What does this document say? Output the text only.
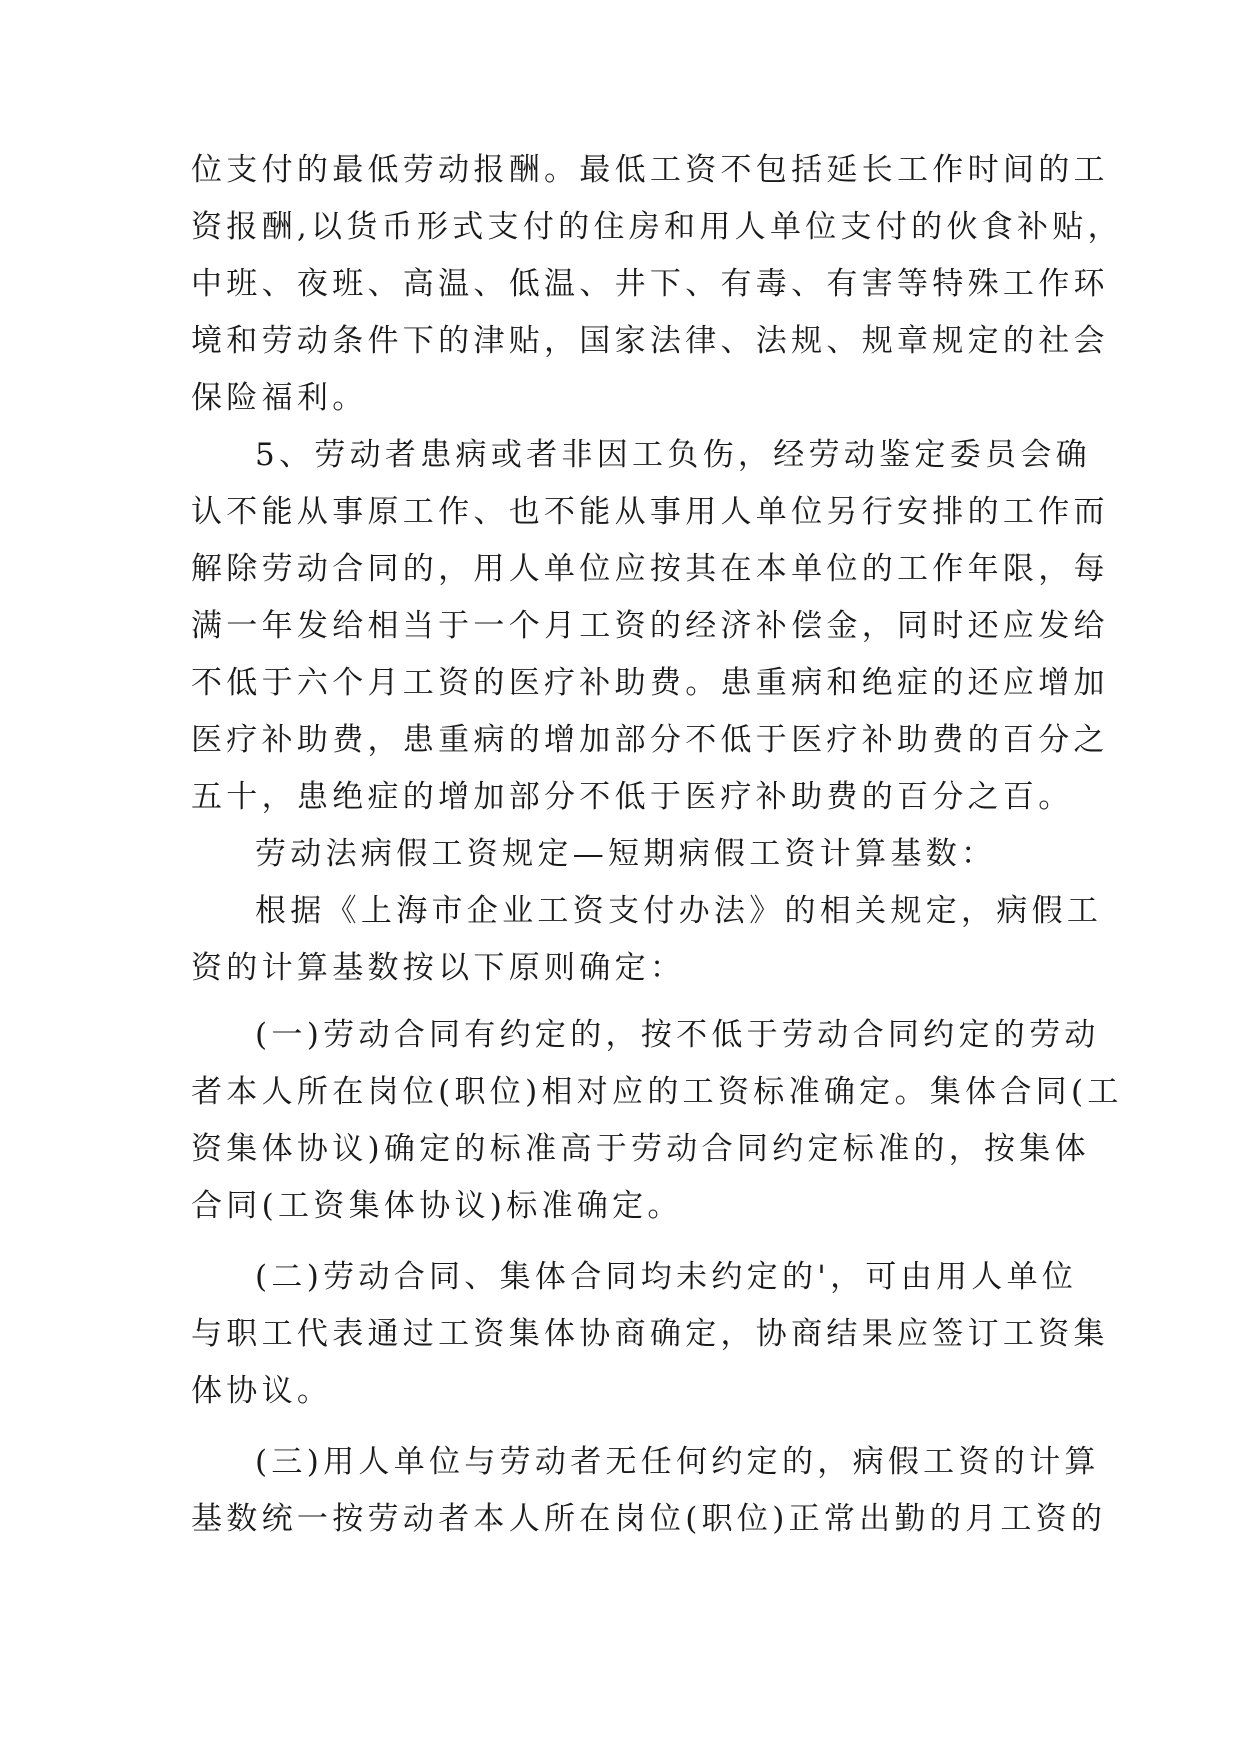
位支付的最低劳动报酬。最低工资不包括延长工作时间的工
资报酬,以货币形式支付的住房和用人单位支付的伙食补贴，
中班、夜班、高温、低温、井下、有毒、有害等特殊工作环
境和劳动条件下的津贴，国家法律、法规、规章规定的社会
保险福利。
5、劳动者患病或者非因工负伤，经劳动鉴定委员会确
认不能从事原工作、也不能从事用人单位另行安排的工作而
解除劳动合同的，用人单位应按其在本单位的工作年限，每
满一年发给相当于一个月工资的经济补偿金，同时还应发给
不低于六个月工资的医疗补助费。患重病和绝症的还应增加
医疗补助费，患重病的增加部分不低于医疗补助费的百分之
五十，患绝症的增加部分不低于医疗补助费的百分之百。
劳动法病假工资规定—短期病假工资计算基数：
根据《上海市企业工资支付办法》的相关规定，病假工
资的计算基数按以下原则确定：
(一)劳动合同有约定的，按不低于劳动合同约定的劳动
者本人所在岗位(职位)相对应的工资标准确定。集体合同(工
资集体协议)确定的标准高于劳动合同约定标准的，按集体
合同(工资集体协议)标准确定。
(二)劳动合同、集体合同均未约定的'，可由用人单位
与职工代表通过工资集体协商确定，协商结果应签订工资集
体协议。
(三)用人单位与劳动者无任何约定的，病假工资的计算
基数统一按劳动者本人所在岗位(职位)正常出勤的月工资的
